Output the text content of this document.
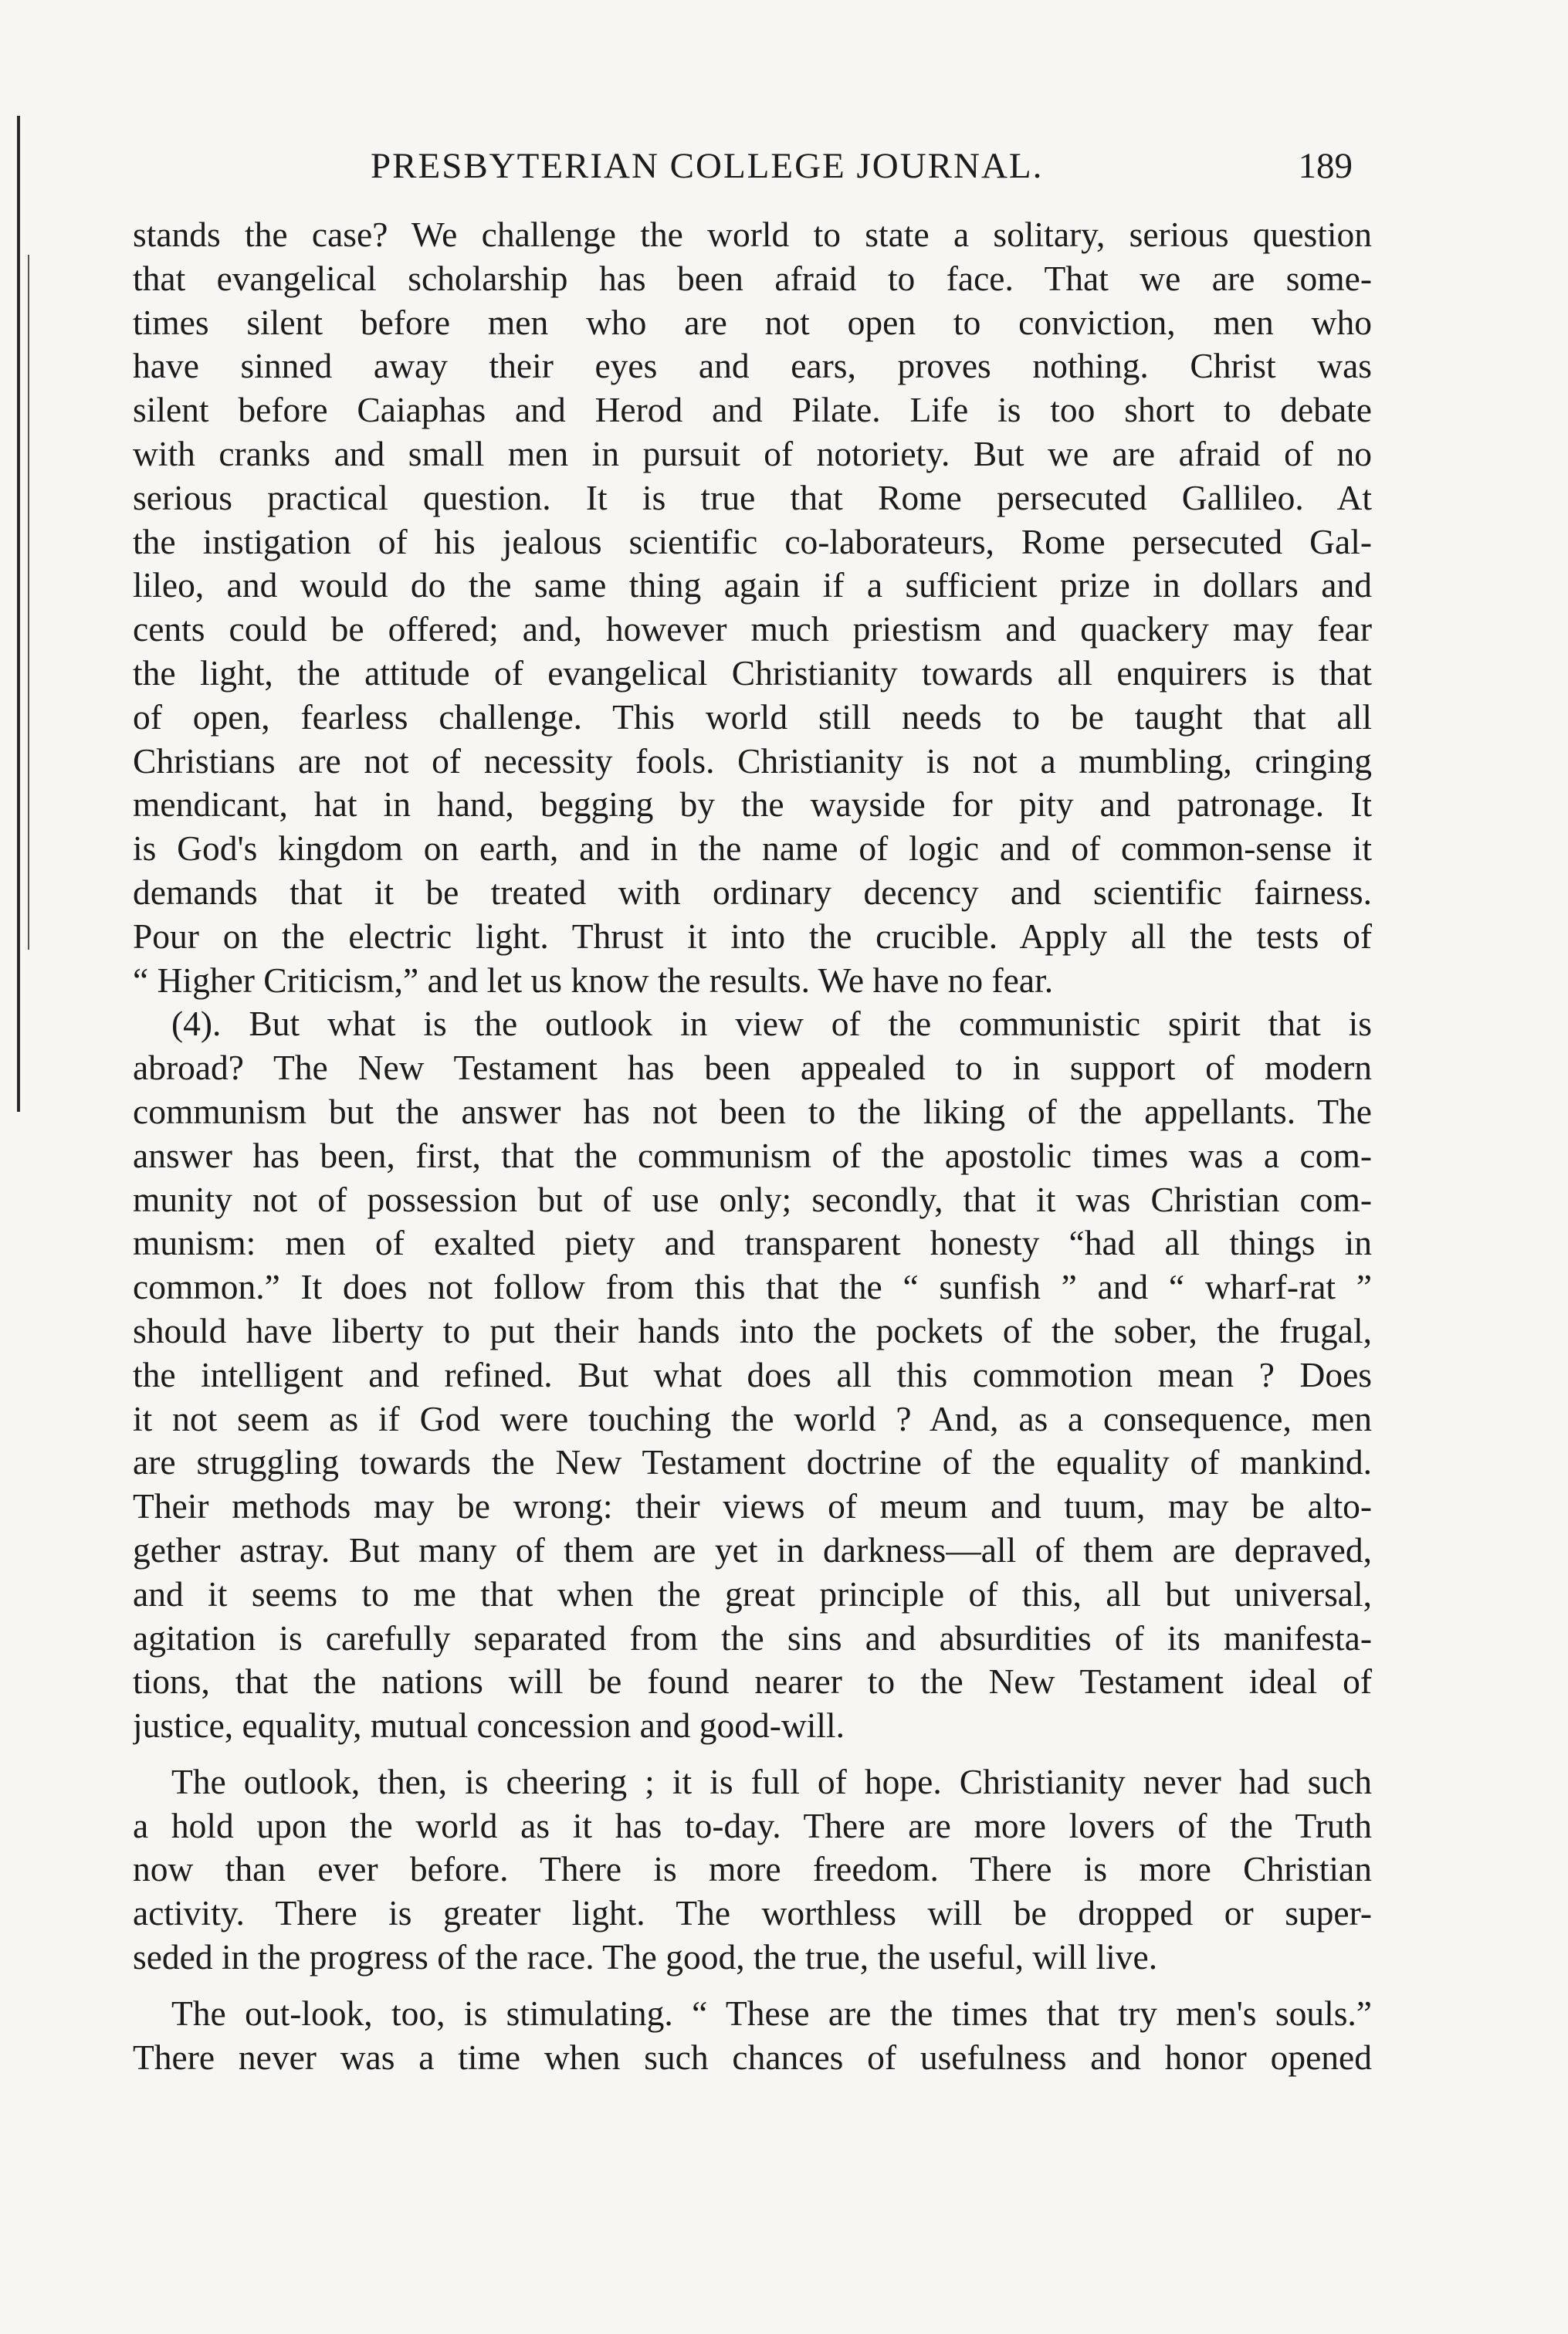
PRESBYTERIAN COLLEGE JOURNAL.	189
stands the case? We challenge the world to state a solitary, serious question
that evangelical scholarship has been afraid to face. That we are some-
times silent before men who are not open to conviction, men who
have sinned away their eyes and ears, proves nothing. Christ was
silent before Caiaphas and Herod and Pilate. Life is too short to debate
with cranks and small men in pursuit of notoriety. But we are afraid of no
serious practical question. It is true that Rome persecuted Gallileo. At
the instigation of his jealous scientific co-laborateurs, Rome persecuted Gal-
lileo, and would do the same thing again if a sufficient prize in dollars and
cents could be offered; and, however much priestism and quackery may fear
the light, the attitude of evangelical Christianity towards all enquirers is that
of open, fearless challenge. This world still needs to be taught that all
Christians are not of necessity fools. Christianity is not a mumbling, cringing
mendicant, hat in hand, begging by the wayside for pity and patronage. It
is God's kingdom on earth, and in the name of logic and of common-sense it
demands that it be treated with ordinary decency and scientific fairness.
Pour on the electric light. Thrust it into the crucible. Apply all the tests of
“ Higher Criticism,” and let us know the results. We have no fear.
(4). But what is the outlook in view of the communistic spirit that is
abroad? The New Testament has been appealed to in support of modern
communism but the answer has not been to the liking of the appellants. The
answer has been, first, that the communism of the apostolic times was a com-
munity not of possession but of use only; secondly, that it was Christian com-
munism: men of exalted piety and transparent honesty “had all things in
common.” It does not follow from this that the “ sunfish ” and “ wharf-rat ”
should have liberty to put their hands into the pockets of the sober, the frugal,
the intelligent and refined. But what does all this commotion mean ? Does
it not seem as if God were touching the world ? And, as a consequence, men
are struggling towards the New Testament doctrine of the equality of mankind.
Their methods may be wrong: their views of meum and tuum, may be alto-
gether astray. But many of them are yet in darkness—all of them are depraved,
and it seems to me that when the great principle of this, all but universal,
agitation is carefully separated from the sins and absurdities of its manifesta-
tions, that the nations will be found nearer to the New Testament ideal of
justice, equality, mutual concession and good-will.
The outlook, then, is cheering ; it is full of hope. Christianity never had such
a hold upon the world as it has to-day. There are more lovers of the Truth
now than ever before. There is more freedom. There is more Christian
activity. There is greater light. The worthless will be dropped or super-
seded in the progress of the race. The good, the true, the useful, will live.
The out-look, too, is stimulating. “ These are the times that try men's souls.”
There never was a time when such chances of usefulness and honor opened
